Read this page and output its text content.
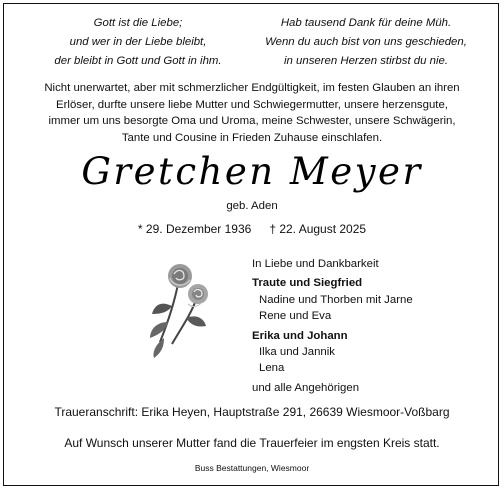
Gott ist die Liebe;
und wer in der Liebe bleibt,
der bleibt in Gott und Gott in ihm.
Hab tausend Dank für deine Müh.
Wenn du auch bist von uns geschieden,
in unseren Herzen stirbst du nie.
Nicht unerwartet, aber mit schmerzlicher Endgültigkeit, im festen Glauben an ihren
Erlöser, durfte unsere liebe Mutter und Schwiegermutter, unsere herzensgute,
immer um uns besorgte Oma und Uroma, meine Schwester, unsere Schwägerin,
Tante und Cousine in Frieden Zuhause einschlafen.
Gretchen Meyer
geb. Aden
* 29. Dezember 1936 † 22. August 2025
In Liebe und Dankbarkeit
Traute und Siegfried
Nadine und Thorben mit Jarne
Rene und Eva
Erika und Johann
Ilka und Jannik
Lena
und alle Angehörigen
Traueranschrift: Erika Heyen, Hauptstraße 291, 26639 Wiesmoor-Voßbarg
Auf Wunsch unserer Mutter fand die Trauerfeier im engsten Kreis statt.
Buss Bestattungen, Wiesmoor
